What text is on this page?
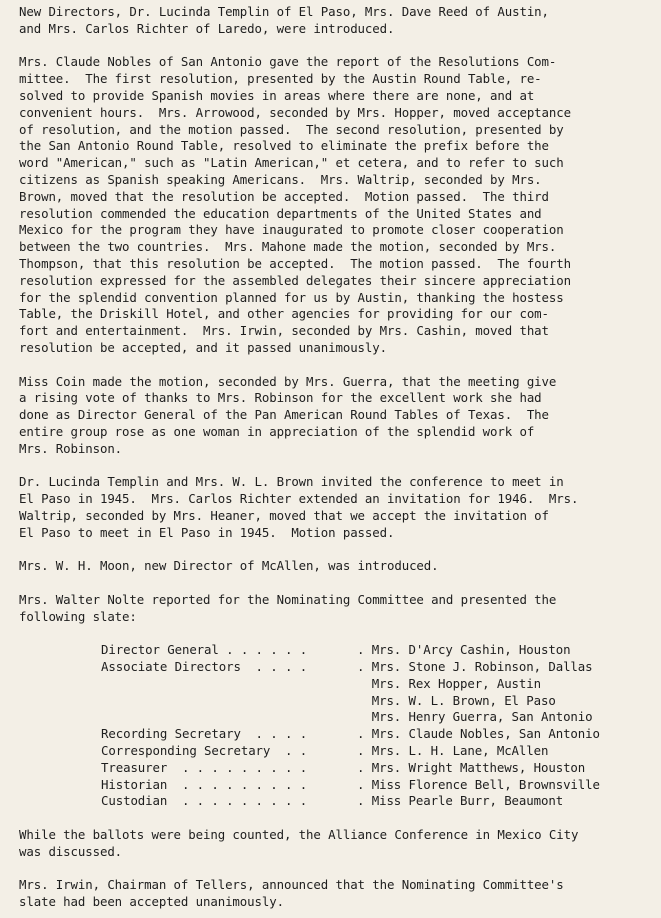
New Directors, Dr. Lucinda Templin of El Paso, Mrs. Dave Reed of Austin,
and Mrs. Carlos Richter of Laredo, were introduced.
Mrs. Claude Nobles of San Antonio gave the report of the Resolutions Com-
mittee.  The first resolution, presented by the Austin Round Table, re-
solved to provide Spanish movies in areas where there are none, and at
convenient hours.  Mrs. Arrowood, seconded by Mrs. Hopper, moved acceptance
of resolution, and the motion passed.  The second resolution, presented by
the San Antonio Round Table, resolved to eliminate the prefix before the
word "American," such as "Latin American," et cetera, and to refer to such
citizens as Spanish speaking Americans.  Mrs. Waltrip, seconded by Mrs.
Brown, moved that the resolution be accepted.  Motion passed.  The third
resolution commended the education departments of the United States and
Mexico for the program they have inaugurated to promote closer cooperation
between the two countries.  Mrs. Mahone made the motion, seconded by Mrs.
Thompson, that this resolution be accepted.  The motion passed.  The fourth
resolution expressed for the assembled delegates their sincere appreciation
for the splendid convention planned for us by Austin, thanking the hostess
Table, the Driskill Hotel, and other agencies for providing for our com-
fort and entertainment.  Mrs. Irwin, seconded by Mrs. Cashin, moved that
resolution be accepted, and it passed unanimously.
Miss Coin made the motion, seconded by Mrs. Guerra, that the meeting give
a rising vote of thanks to Mrs. Robinson for the excellent work she had
done as Director General of the Pan American Round Tables of Texas.  The
entire group rose as one woman in appreciation of the splendid work of
Mrs. Robinson.
Dr. Lucinda Templin and Mrs. W. L. Brown invited the conference to meet in
El Paso in 1945.  Mrs. Carlos Richter extended an invitation for 1946.  Mrs.
Waltrip, seconded by Mrs. Heaner, moved that we accept the invitation of
El Paso to meet in El Paso in 1945.  Motion passed.
Mrs. W. H. Moon, new Director of McAllen, was introduced.
Mrs. Walter Nolte reported for the Nominating Committee and presented the
following slate:
Director General . . . . . .	. Mrs. D'Arcy Cashin, Houston
Associate Directors  . . . .	. Mrs. Stone J. Robinson, Dallas
Mrs. Rex Hopper, Austin
Mrs. W. L. Brown, El Paso
Mrs. Henry Guerra, San Antonio
Recording Secretary  . . . .	. Mrs. Claude Nobles, San Antonio
Corresponding Secretary  . .	. Mrs. L. H. Lane, McAllen
Treasurer  . . . . . . . . .	. Mrs. Wright Matthews, Houston
Historian  . . . . . . . . .	. Miss Florence Bell, Brownsville
Custodian  . . . . . . . . .	. Miss Pearle Burr, Beaumont
While the ballots were being counted, the Alliance Conference in Mexico City
was discussed.
Mrs. Irwin, Chairman of Tellers, announced that the Nominating Committee's
slate had been accepted unanimously.
